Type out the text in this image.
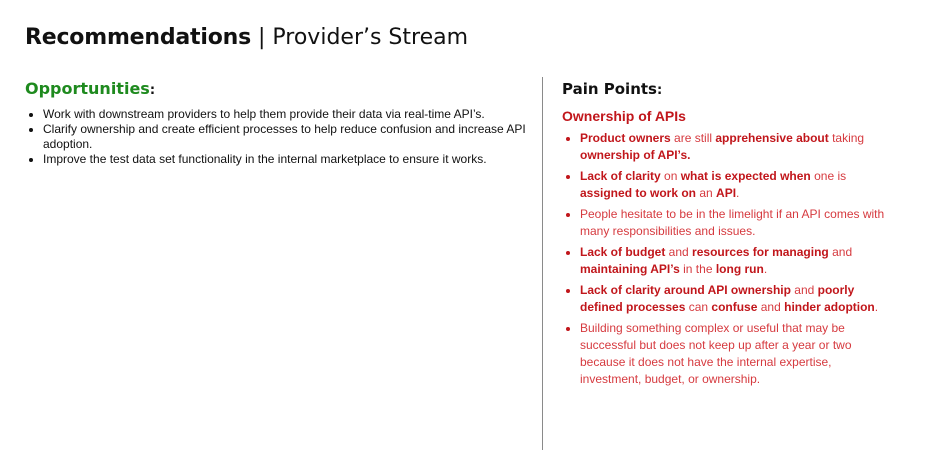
Recommendations | Provider’s Stream
Opportunities:
• Work with downstream providers to help them provide their data via real-time API’s.
• Clarify ownership and create efficient processes to help reduce confusion and increase API adoption.
• Improve the test data set functionality in the internal marketplace to ensure it works.
Pain Points:
Ownership of APIs
• Product owners are still apprehensive about taking ownership of API’s.
• Lack of clarity on what is expected when one is assigned to work on an API.
• People hesitate to be in the limelight if an API comes with many responsibilities and issues.
• Lack of budget and resources for managing and maintaining API’s in the long run.
• Lack of clarity around API ownership and poorly defined processes can confuse and hinder adoption.
• Building something complex or useful that may be successful but does not keep up after a year or two because it does not have the internal expertise, investment, budget, or ownership.
